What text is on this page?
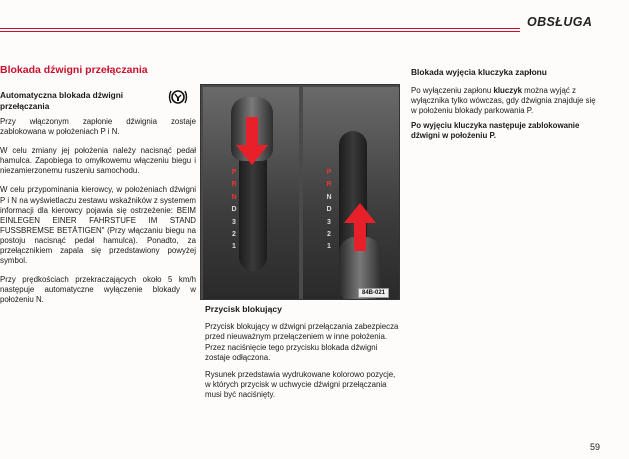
OBSŁUGA
Blokada dźwigni przełączania
Automatyczna blokada dźwigni przełączania

Przy włączonym zapłonie dźwignia zostaje zablokowana w położeniach P i N.

W celu zmiany jej położenia należy nacisnąć pedał hamulca. Zapobiega to omyłkowemu włączeniu biegu i niezamierzonemu ruszeniu samochodu.

W celu przypominania kierowcy, w położeniach dźwigni P i N na wyświetlaczu zestawu wskaźników z systemem informacji dla kierowcy pojawia się ostrzeżenie: BEIM EINLEGEN EINER FAHRSTUFE IM STAND FUSSBREMSE BETÄTIGEN" (Przy włączaniu biegu na postoju nacisnąć pedał hamulca). Ponadto, za przełącznikiem zapala się przedstawiony powyżej symbol.

Przy prędkościach przekraczających około 5 km/h następuje automatyczne wyłączenie blokady w położeniu N.

P
R
N
D
3
2
1
P
R
N
D
3
2
1
84B-021
Przycisk blokujący

Przycisk blokujący w dźwigni przełączania zabezpiecza przed nieuważnym przełączeniem w inne położenia. Przez naciśnięcie tego przycisku blokada dźwigni zostaje odłączona.

Rysunek przedstawia wydrukowane kolorowo pozycje, w których przycisk w uchwycie dźwigni przełączania musi być naciśnięty.

Blokada wyjęcia kluczyka zapłonu

Po wyłączeniu zapłonu kluczyk można wyjąć z wyłącznika tylko wówczas, gdy dźwignia znajduje się w położeniu blokady parkowania P.

Po wyjęciu kluczyka następuje zablokowanie dźwigni w położeniu P.

59
